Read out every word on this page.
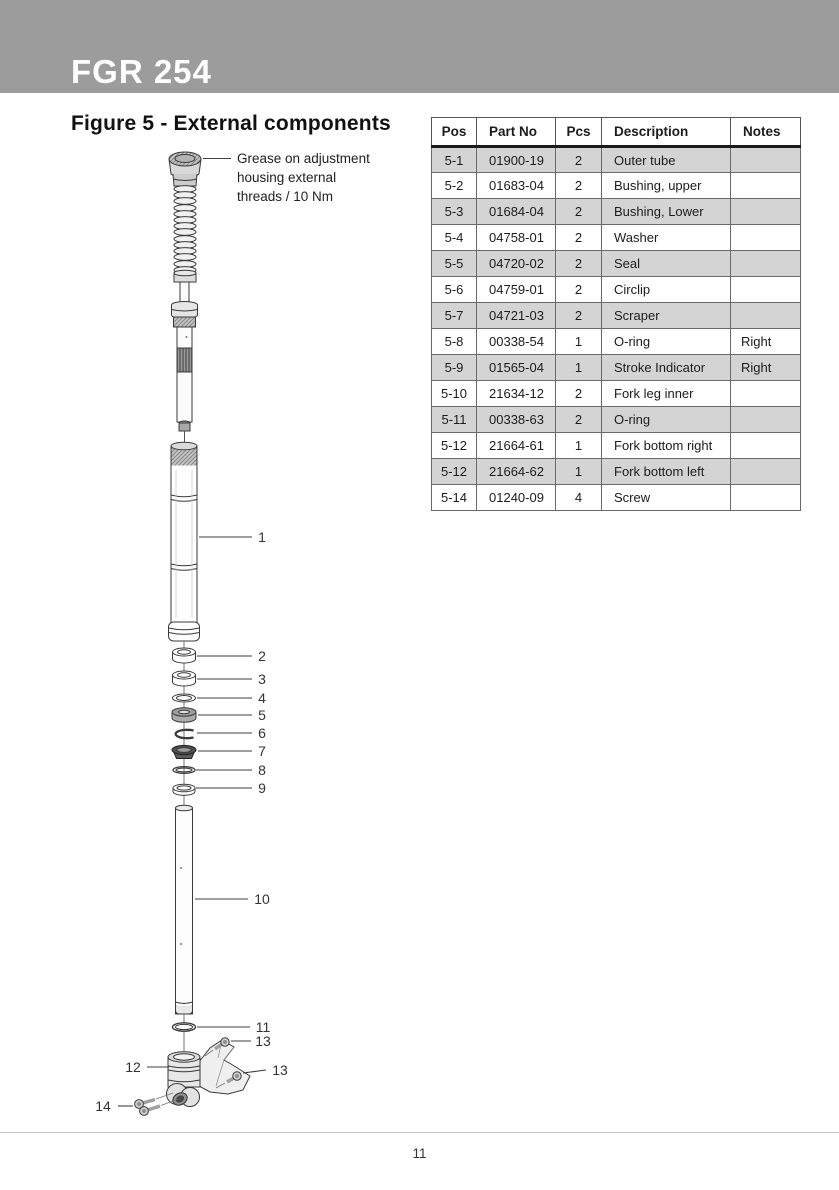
FGR 254
Figure 5 - External components
1
2
3
4
5
6
7
8
9
10
11
12
13
13
14
Grease on adjustment
housing external
threads / 10 Nm
Pos	Part No	Pcs	Description	Notes
5-1	01900-19	2	Outer tube	
5-2	01683-04	2	Bushing, upper	
5-3	01684-04	2	Bushing, Lower	
5-4	04758-01	2	Washer	
5-5	04720-02	2	Seal	
5-6	04759-01	2	Circlip	
5-7	04721-03	2	Scraper	
5-8	00338-54	1	O-ring	Right
5-9	01565-04	1	Stroke Indicator	Right
5-10	21634-12	2	Fork leg inner	
5-11	00338-63	2	O-ring	
5-12	21664-61	1	Fork bottom right	
5-12	21664-62	1	Fork bottom left	
5-14	01240-09	4	Screw	
11
